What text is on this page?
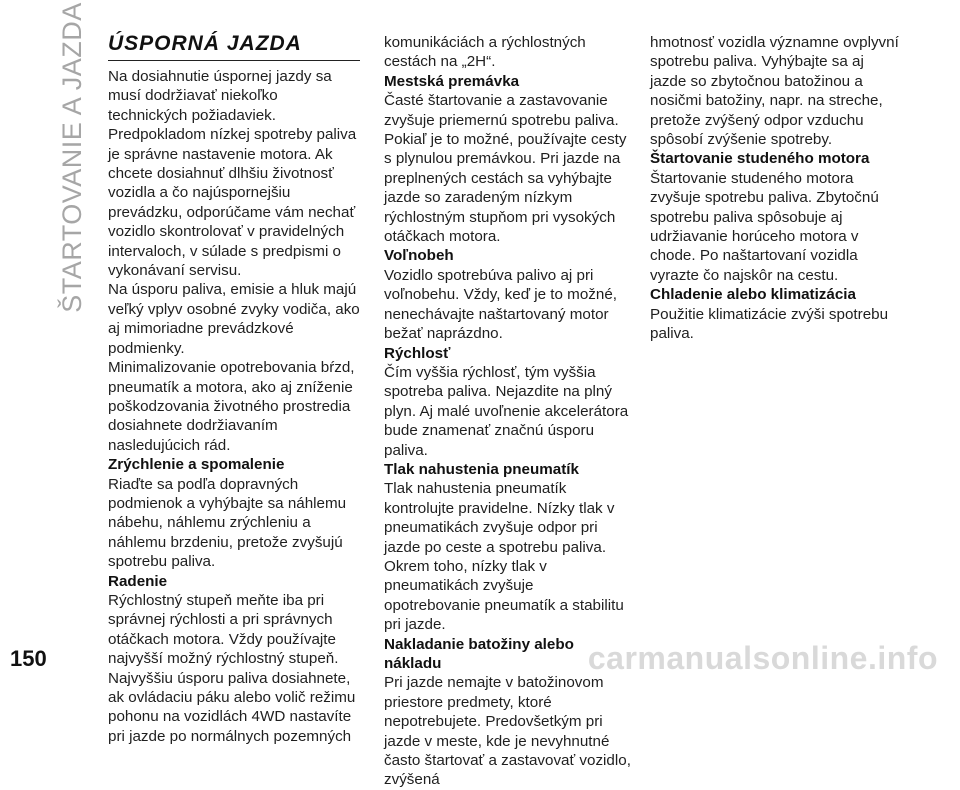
ŠTARTOVANIE A JAZDA ÚSPORNÁ JAZDA

Na dosiahnutie úspornej jazdy sa musí dodržiavať niekoľko technických požiadaviek. Predpokladom nízkej spotreby paliva je správne nastavenie motora. Ak chcete dosiahnuť dlhšiu životnosť vozidla a čo najúspornejšiu prevádzku, odporúčame vám nechať vozidlo skontrolovať v pravidelných intervaloch, v súlade s predpismi o vykonávaní servisu.

Na úsporu paliva, emisie a hluk majú veľký vplyv osobné zvyky vodiča, ako aj mimoriadne prevádzkové podmienky.

Minimalizovanie opotrebovania bŕzd, pneumatík a motora, ako aj zníženie poškodzovania životného prostredia dosiahnete dodržiavaním nasledujúcich rád.

Zrýchlenie a spomalenie

Riaďte sa podľa dopravných podmienok a vyhýbajte sa náhlemu nábehu, náhlemu zrýchleniu a náhlemu brzdeniu, pretože zvyšujú spotrebu paliva.

Radenie

Rýchlostný stupeň meňte iba pri správnej rýchlosti a pri správnych otáčkach motora. Vždy používajte najvyšší možný rýchlostný stupeň.

Najvyššiu úsporu paliva dosiahnete, ak ovládaciu páku alebo volič režimu pohonu na vozidlách 4WD nastavíte pri jazde po normálnych pozemných

komunikáciách a rýchlostných cestách na „2H“.

Mestská premávka

Časté štartovanie a zastavovanie zvyšuje priemernú spotrebu paliva. Pokiaľ je to možné, používajte cesty s plynulou premávkou. Pri jazde na preplnených cestách sa vyhýbajte jazde so zaradeným nízkym rýchlostným stupňom pri vysokých otáčkach motora.

Voľnobeh

Vozidlo spotrebúva palivo aj pri voľnobehu. Vždy, keď je to možné, nenechávajte naštartovaný motor bežať naprázdno.

Rýchlosť

Čím vyššia rýchlosť, tým vyššia spotreba paliva. Nejazdite na plný plyn. Aj malé uvoľnenie akcelerátora bude znamenať značnú úsporu paliva.

Tlak nahustenia pneumatík

Tlak nahustenia pneumatík kontrolujte pravidelne. Nízky tlak v pneumatikách zvyšuje odpor pri jazde po ceste a spotrebu paliva. Okrem toho, nízky tlak v pneumatikách zvyšuje opotrebovanie pneumatík a stabilitu pri jazde.

Nakladanie batožiny alebo nákladu

Pri jazde nemajte v batožinovom priestore predmety, ktoré nepotrebujete. Predovšetkým pri jazde v meste, kde je nevyhnutné často štartovať a zastavovať vozidlo, zvýšená

hmotnosť vozidla významne ovplyvní spotrebu paliva. Vyhýbajte sa aj jazde so zbytočnou batožinou a nosičmi batožiny, napr. na streche, pretože zvýšený odpor vzduchu spôsobí zvýšenie spotreby.

Štartovanie studeného motora

Štartovanie studeného motora zvyšuje spotrebu paliva. Zbytočnú spotrebu paliva spôsobuje aj udržiavanie horúceho motora v chode. Po naštartovaní vozidla vyrazte čo najskôr na cestu.

Chladenie alebo klimatizácia

Použitie klimatizácie zvýši spotrebu paliva.

150	carmanualsonline.info
